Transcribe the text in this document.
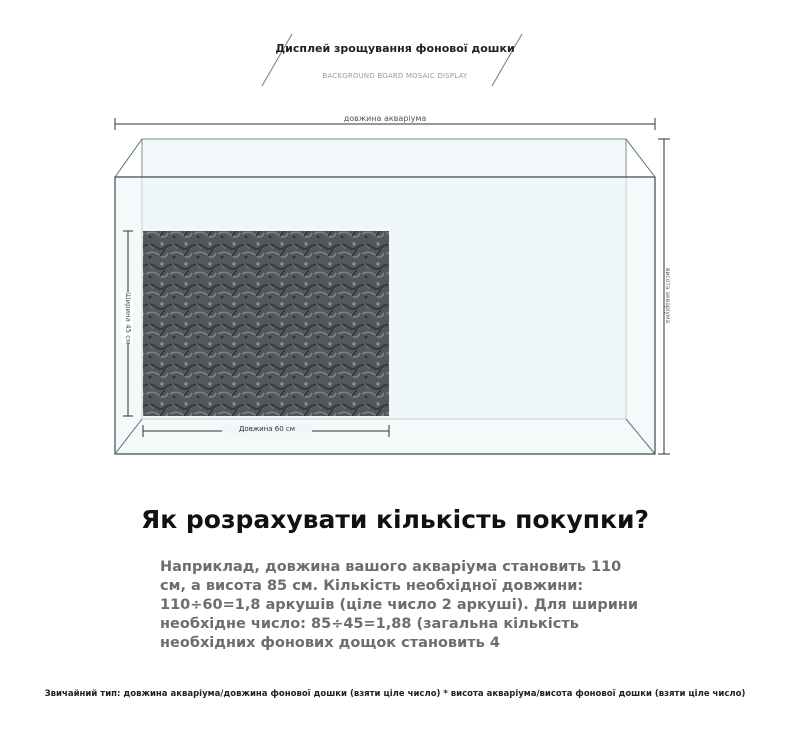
Дисплей зрощування фонової дошки
BACKGROUND BOARD MOSAIC DISPLAY
довжина акваріума
висота акваріума
Ширина 45 см
Довжина 60 см
Як розрахувати кількість покупки?
Наприклад, довжина вашого акваріума становить 110 см, а висота 85 см. Кількість необхідної довжини: 110÷60=1,8 аркушів (ціле число 2 аркуші). Для ширини необхідне число: 85÷45=1,88 (загальна кількість необхідних фонових дощок становить 4
Звичайний тип: довжина акваріума/довжина фонової дошки (взяти ціле число) * висота акваріума/висота фонової дошки (взяти ціле число)
